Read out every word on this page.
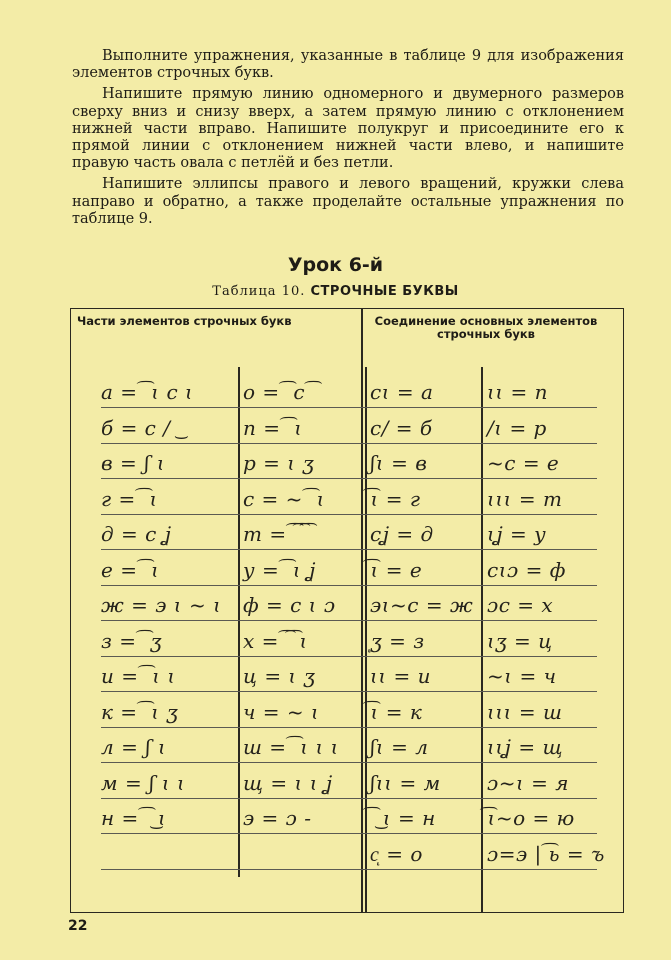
Выполните упражнения, указанные в таблице 9 для изображения элементов строчных букв.

Напишите прямую линию одномерного и двумерного размеров сверху вниз и снизу вверх, а затем прямую линию с отклонением нижней части вправо. Напишите полукруг и присоедините его к прямой линии с отклонением нижней части влево, и напишите правую часть овала с петлёй и без петли.

Напишите эллипсы правого и левого вращений, кружки слева направо и обратно, а также проделайте остальные упражнения по таблице 9.

Урок 6-й
Таблица 10. СТРОЧНЫЕ БУКВЫ
Части элементов строчных букв	Соединение основных элементов строчных букв
а = ͡ ɩ с ɩ
б = с / ͜
в = ʃ ɩ
г = ͡ ɩ
д = с ʝ
е = ͡ ɩ
ж = э ɩ ~ ɩ
з = ͡ ʒ
и = ͡ ɩ ɩ
к = ͡ ɩ ʒ
л = ʃ ɩ
м = ʃ ɩ ɩ
н = ͡ ͜ ɩ
о = ͡ с ͡
п = ͡ ɩ
р = ɩ ʒ
с = ~ ͡ ɩ
т = ͡ ͡ ͡
у = ͡ ɩ ʝ
ф = с ɩ ɔ
х = ͡ ͡ ɩ
ц = ɩ ʒ
ч = ~ ɩ
ш = ͡ ɩ ɩ ɩ
щ = ɩ ɩ ʝ
э = ɔ -
сɩ = а
с/ = б
ʃɩ = в
͡ɩ = г
сʝ = д
͡ɩ = е
эɩ~с = ж
ͅʒ = з
ɩɩ = и
͡ɩ = к
ʃɩ = л
ʃɩɩ = м
͡ ͜ ɩ = н
сͅ = о
ɩɩ = п
/ɩ = р
~с = е
ɩɩɩ = т
ɩʝ = у
сɩɔ = ф
ɔс = х
ɩʒ = ц
~ɩ = ч
ɩɩɩ = ш
ɩɩʝ = щ
ɔ~ɩ = я
͡ɩ~о = ю
ɔ=э | ͡ь = ъ
22
